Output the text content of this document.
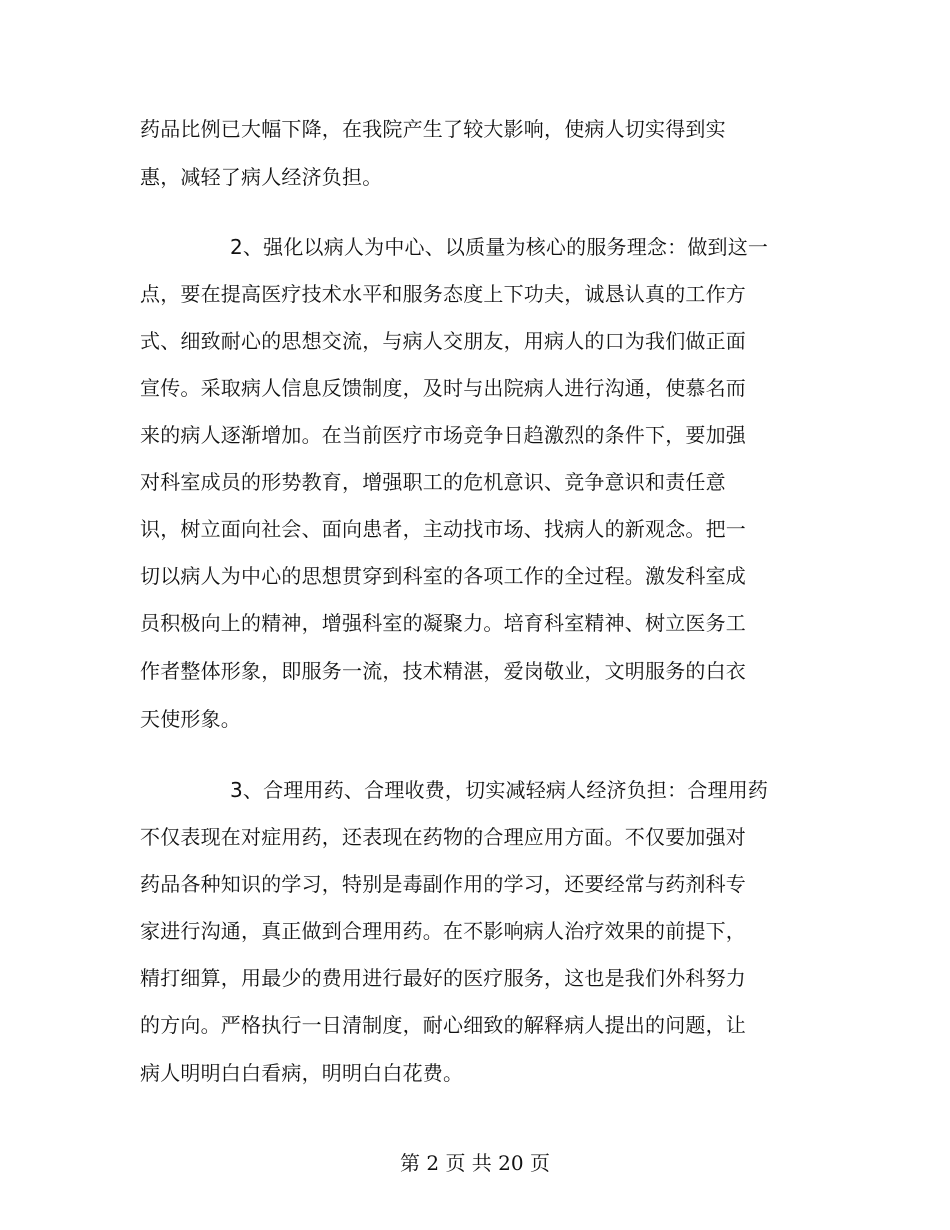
药品比例已大幅下降，在我院产生了较大影响，使病人切实得到实
惠，减轻了病人经济负担。
2、强化以病人为中心、以质量为核心的服务理念：做到这一
点，要在提高医疗技术水平和服务态度上下功夫，诚恳认真的工作方
式、细致耐心的思想交流，与病人交朋友，用病人的口为我们做正面
宣传。采取病人信息反馈制度，及时与出院病人进行沟通，使慕名而
来的病人逐渐增加。在当前医疗市场竞争日趋激烈的条件下，要加强
对科室成员的形势教育，增强职工的危机意识、竞争意识和责任意
识，树立面向社会、面向患者，主动找市场、找病人的新观念。把一
切以病人为中心的思想贯穿到科室的各项工作的全过程。激发科室成
员积极向上的精神，增强科室的凝聚力。培育科室精神、树立医务工
作者整体形象，即服务一流，技术精湛，爱岗敬业，文明服务的白衣
天使形象。
3、合理用药、合理收费，切实减轻病人经济负担：合理用药
不仅表现在对症用药，还表现在药物的合理应用方面。不仅要加强对
药品各种知识的学习，特别是毒副作用的学习，还要经常与药剂科专
家进行沟通，真正做到合理用药。在不影响病人治疗效果的前提下，
精打细算，用最少的费用进行最好的医疗服务，这也是我们外科努力
的方向。严格执行一日清制度，耐心细致的解释病人提出的问题，让
病人明明白白看病，明明白白花费。
第 2 页 共 20 页
